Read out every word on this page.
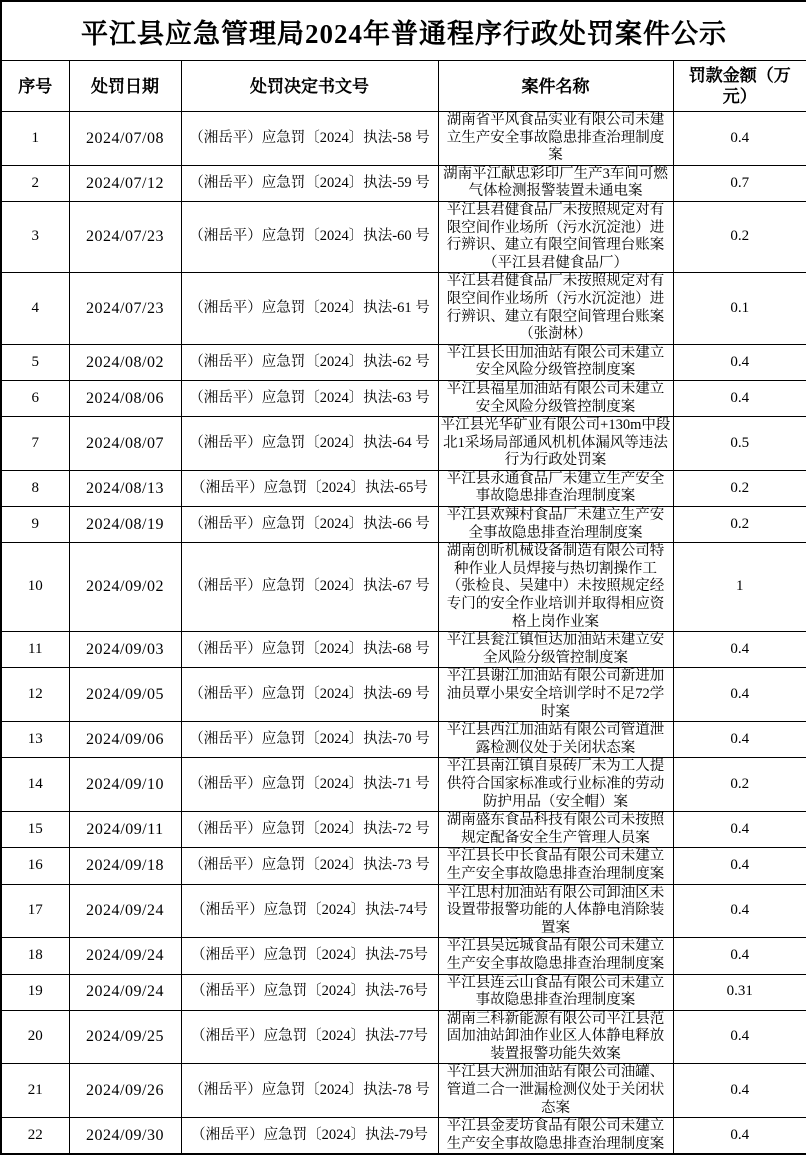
平江县应急管理局2024年普通程序行政处罚案件公示				
序号	处罚日期	处罚决定书文号	案件名称	罚款金额（万元）
1	2024/07/08	（湘岳平）应急罚〔2024〕执法-58 号	湖南省平风食品实业有限公司未建立生产安全事故隐患排查治理制度案	0.4
2	2024/07/12	（湘岳平）应急罚〔2024〕执法-59 号	湖南平江献忠彩印厂生产3车间可燃气体检测报警装置未通电案	0.7
3	2024/07/23	（湘岳平）应急罚〔2024〕执法-60 号	平江县君健食品厂未按照规定对有限空间作业场所（污水沉淀池）进行辨识、建立有限空间管理台账案（平江县君健食品厂）	0.2
4	2024/07/23	（湘岳平）应急罚〔2024〕执法-61 号	平江县君健食品厂未按照规定对有限空间作业场所（污水沉淀池）进行辨识、建立有限空间管理台账案（张澍林）	0.1
5	2024/08/02	（湘岳平）应急罚〔2024〕执法-62 号	平江县长田加油站有限公司未建立安全风险分级管控制度案	0.4
6	2024/08/06	（湘岳平）应急罚〔2024〕执法-63 号	平江县福星加油站有限公司未建立安全风险分级管控制度案	0.4
7	2024/08/07	（湘岳平）应急罚〔2024〕执法-64 号	平江县光华矿业有限公司+130m中段北1采场局部通风机机体漏风等违法行为行政处罚案	0.5
8	2024/08/13	（湘岳平）应急罚〔2024〕执法-65号	平江县永通食品厂未建立生产安全事故隐患排查治理制度案	0.2
9	2024/08/19	（湘岳平）应急罚〔2024〕执法-66 号	平江县欢辣村食品厂未建立生产安全事故隐患排查治理制度案	0.2
10	2024/09/02	（湘岳平）应急罚〔2024〕执法-67 号	湖南创昕机械设备制造有限公司特种作业人员焊接与热切割操作工（张检良、吴建中）未按照规定经专门的安全作业培训并取得相应资格上岗作业案	1
11	2024/09/03	（湘岳平）应急罚〔2024〕执法-68 号	平江县瓮江镇恒达加油站未建立安全风险分级管控制度案	0.4
12	2024/09/05	（湘岳平）应急罚〔2024〕执法-69 号	平江县谢江加油站有限公司新进加油员覃小果安全培训学时不足72学时案	0.4
13	2024/09/06	（湘岳平）应急罚〔2024〕执法-70 号	平江县西江加油站有限公司管道泄露检测仪处于关闭状态案	0.4
14	2024/09/10	（湘岳平）应急罚〔2024〕执法-71 号	平江县南江镇自泉砖厂未为工人提供符合国家标准或行业标准的劳动防护用品（安全帽）案	0.2
15	2024/09/11	（湘岳平）应急罚〔2024〕执法-72 号	湖南盛东食品科技有限公司未按照规定配备安全生产管理人员案	0.4
16	2024/09/18	（湘岳平）应急罚〔2024〕执法-73 号	平江县长中长食品有限公司未建立生产安全事故隐患排查治理制度案	0.4
17	2024/09/24	（湘岳平）应急罚〔2024〕执法-74号	平江思村加油站有限公司卸油区未设置带报警功能的人体静电消除装置案	0.4
18	2024/09/24	（湘岳平）应急罚〔2024〕执法-75号	平江县吴远城食品有限公司未建立生产安全事故隐患排查治理制度案	0.4
19	2024/09/24	（湘岳平）应急罚〔2024〕执法-76号	平江县连云山食品有限公司未建立事故隐患排查治理制度案	0.31
20	2024/09/25	（湘岳平）应急罚〔2024〕执法-77号	湖南三科新能源有限公司平江县范固加油站卸油作业区人体静电释放装置报警功能失效案	0.4
21	2024/09/26	（湘岳平）应急罚〔2024〕执法-78 号	平江县大洲加油站有限公司油罐、管道二合一泄漏检测仪处于关闭状态案	0.4
22	2024/09/30	（湘岳平）应急罚〔2024〕执法-79号	平江县金麦坊食品有限公司未建立生产安全事故隐患排查治理制度案	0.4
